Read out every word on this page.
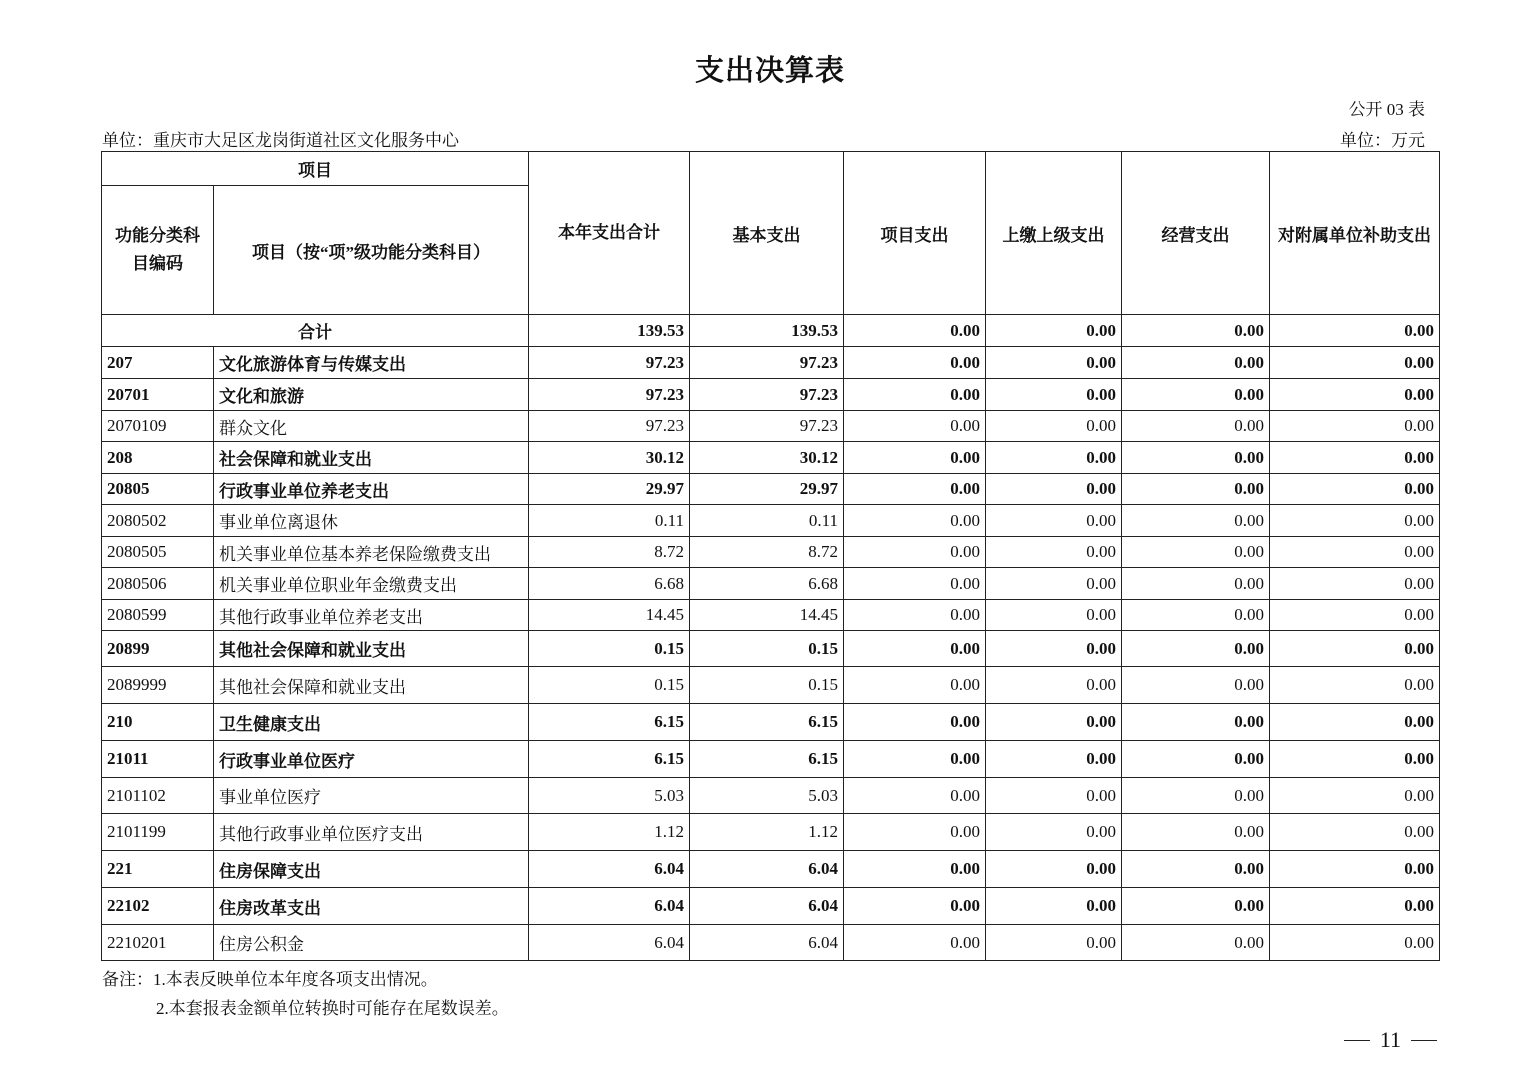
支出决算表
公开 03 表
单位：重庆市大足区龙岗街道社区文化服务中心	单位：万元
项目		本年支出合计	基本支出	项目支出	上缴上级支出	经营支出	对附属单位补助支出
功能分类科目编码	项目（按“项”级功能分类科目）						
合计		139.53	139.53	0.00	0.00	0.00	0.00
207	文化旅游体育与传媒支出	97.23	97.23	0.00	0.00	0.00	0.00
20701	文化和旅游	97.23	97.23	0.00	0.00	0.00	0.00
2070109	群众文化	97.23	97.23	0.00	0.00	0.00	0.00
208	社会保障和就业支出	30.12	30.12	0.00	0.00	0.00	0.00
20805	行政事业单位养老支出	29.97	29.97	0.00	0.00	0.00	0.00
2080502	事业单位离退休	0.11	0.11	0.00	0.00	0.00	0.00
2080505	机关事业单位基本养老保险缴费支出	8.72	8.72	0.00	0.00	0.00	0.00
2080506	机关事业单位职业年金缴费支出	6.68	6.68	0.00	0.00	0.00	0.00
2080599	其他行政事业单位养老支出	14.45	14.45	0.00	0.00	0.00	0.00
20899	其他社会保障和就业支出	0.15	0.15	0.00	0.00	0.00	0.00
2089999	其他社会保障和就业支出	0.15	0.15	0.00	0.00	0.00	0.00
210	卫生健康支出	6.15	6.15	0.00	0.00	0.00	0.00
21011	行政事业单位医疗	6.15	6.15	0.00	0.00	0.00	0.00
2101102	事业单位医疗	5.03	5.03	0.00	0.00	0.00	0.00
2101199	其他行政事业单位医疗支出	1.12	1.12	0.00	0.00	0.00	0.00
221	住房保障支出	6.04	6.04	0.00	0.00	0.00	0.00
22102	住房改革支出	6.04	6.04	0.00	0.00	0.00	0.00
2210201	住房公积金	6.04	6.04	0.00	0.00	0.00	0.00
备注：1.本表反映单位本年度各项支出情况。
2.本套报表金额单位转换时可能存在尾数误差。
11
